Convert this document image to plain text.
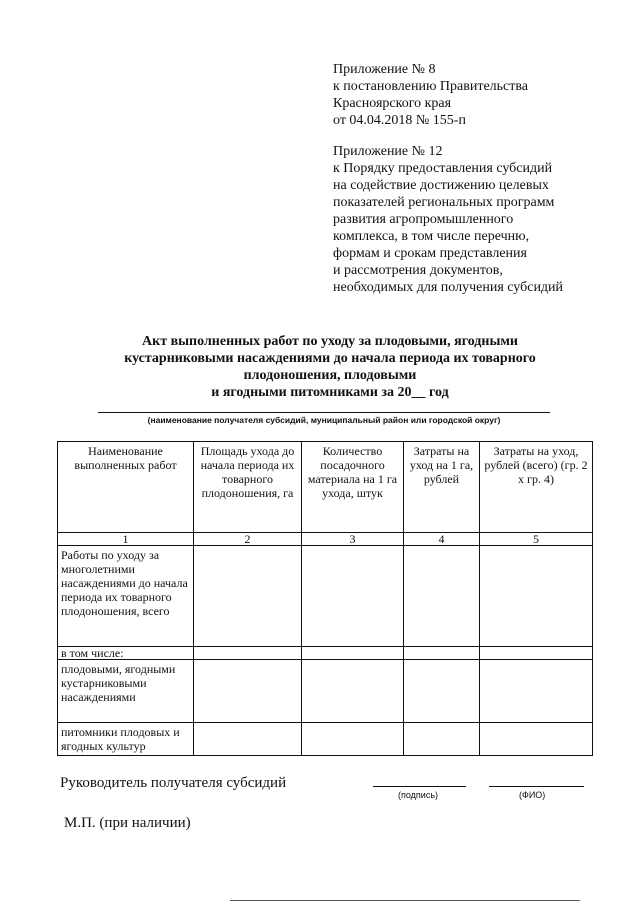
Приложение № 8
к постановлению Правительства
Красноярского края
от 04.04.2018 № 155-п
Приложение № 12
к Порядку предоставления субсидий
на содействие достижению целевых
показателей региональных программ
развития агропромышленного
комплекса, в том числе перечню,
формам и срокам представления
и рассмотрения документов,
необходимых для получения субсидий
Акт выполненных работ по уходу за плодовыми, ягодными
кустарниковыми насаждениями до начала периода их товарного
плодоношения, плодовыми
и ягодными питомниками за 20__ год
(наименование получателя субсидий, муниципальный район или городской округ)
Наименование выполненных работ	Площадь ухода до начала периода их товарного плодоношения, га	Количество посадочного материала на 1 га ухода, штук	Затраты на уход на 1 га, рублей	Затраты на уход, рублей (всего) (гр. 2 х гр. 4)
1	2	3	4	5
Работы по уходу за многолетними насаждениями до начала периода их товарного плодоношения, всего				
в том числе:				
плодовыми, ягодными кустарниковыми насаждениями				
питомники плодовых и ягодных культур				
Руководитель получателя субсидий
(подпись)	(ФИО)
М.П. (при наличии)
